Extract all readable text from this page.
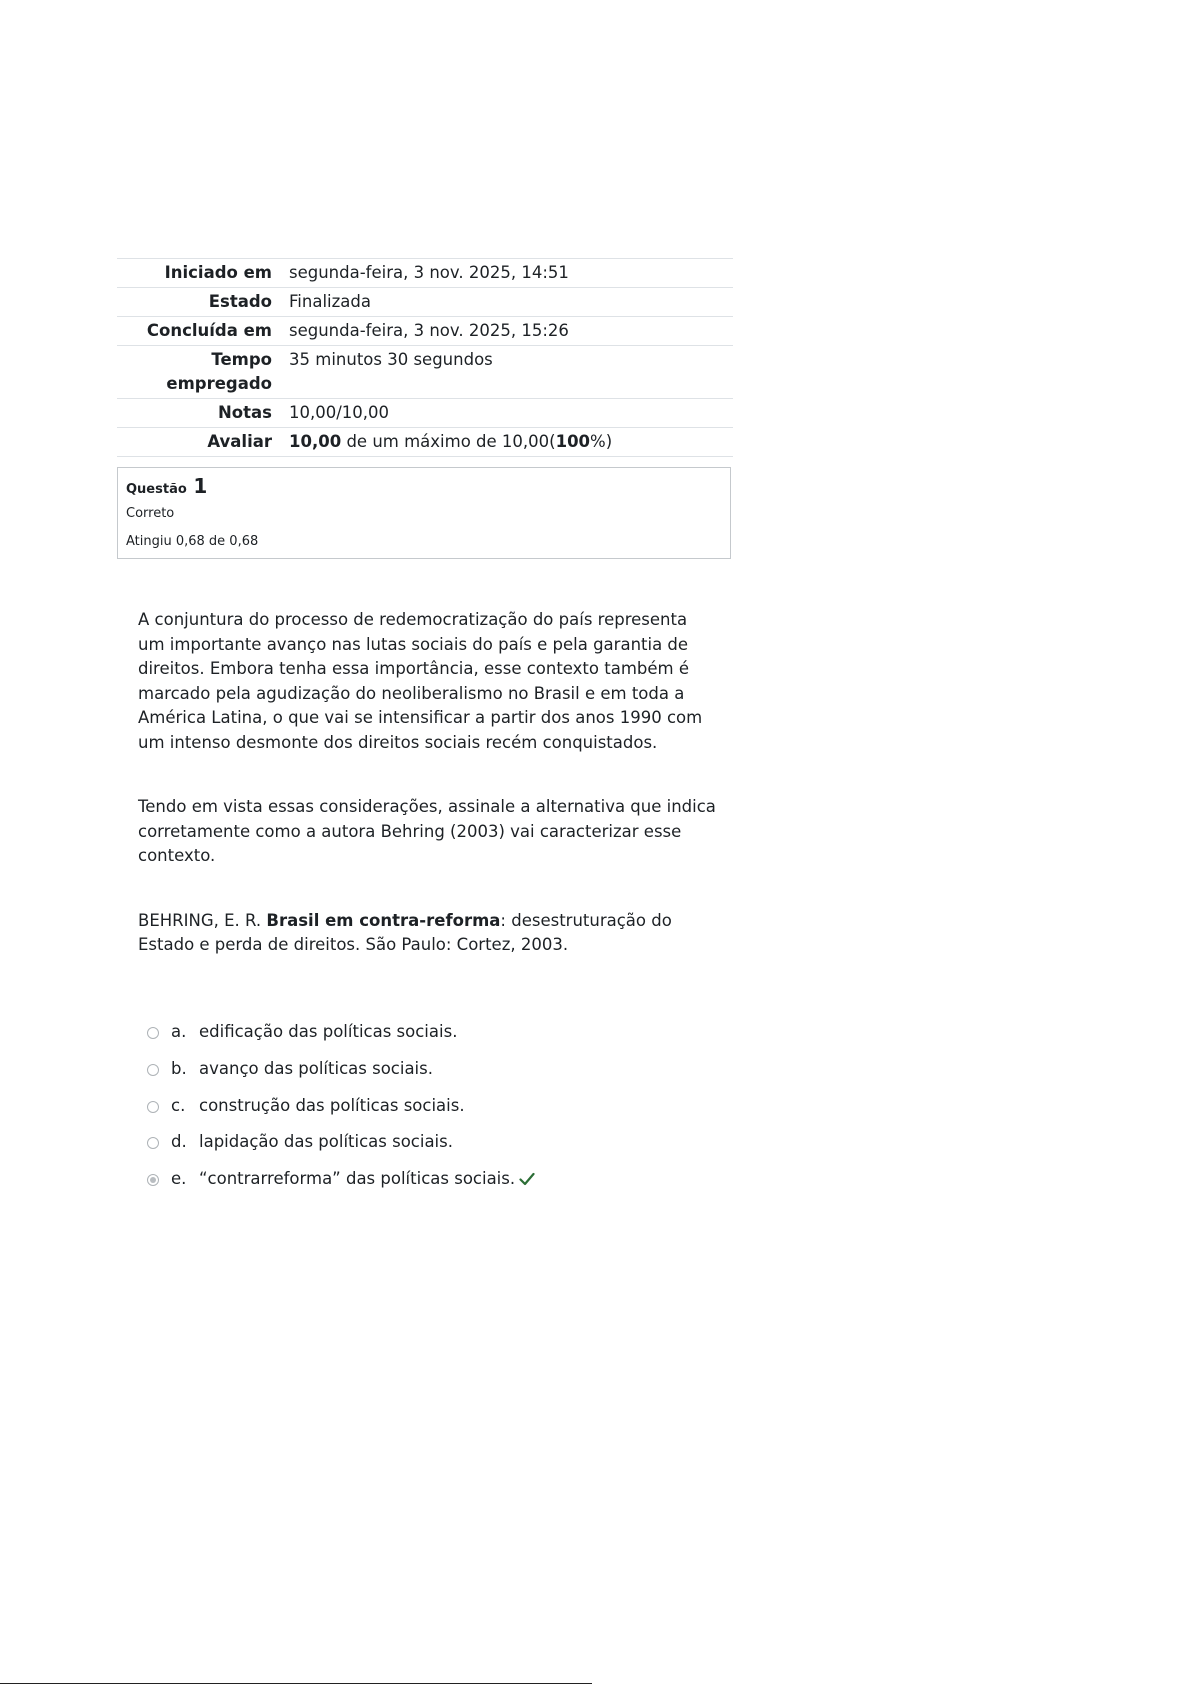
Iniciado em	segunda-feira, 3 nov. 2025, 14:51
Estado	Finalizada
Concluída em	segunda-feira, 3 nov. 2025, 15:26
Tempo empregado	35 minutos 30 segundos
Notas	10,00/10,00
Avaliar	10,00 de um máximo de 10,00(100%)
Questão 1
Correto
Atingiu 0,68 de 0,68

A conjuntura do processo de redemocratização do país representa um importante avanço nas lutas sociais do país e pela garantia de direitos. Embora tenha essa importância, esse contexto também é marcado pela agudização do neoliberalismo no Brasil e em toda a América Latina, o que vai se intensificar a partir dos anos 1990 com um intenso desmonte dos direitos sociais recém conquistados.

Tendo em vista essas considerações, assinale a alternativa que indica corretamente como a autora Behring (2003) vai caracterizar esse contexto.

BEHRING, E. R. Brasil em contra-reforma: desestruturação do Estado e perda de direitos. São Paulo: Cortez, 2003.

a. edificação das políticas sociais.
b. avanço das políticas sociais.
c. construção das políticas sociais.
d. lapidação das políticas sociais.
e. “contrarreforma” das políticas sociais.
